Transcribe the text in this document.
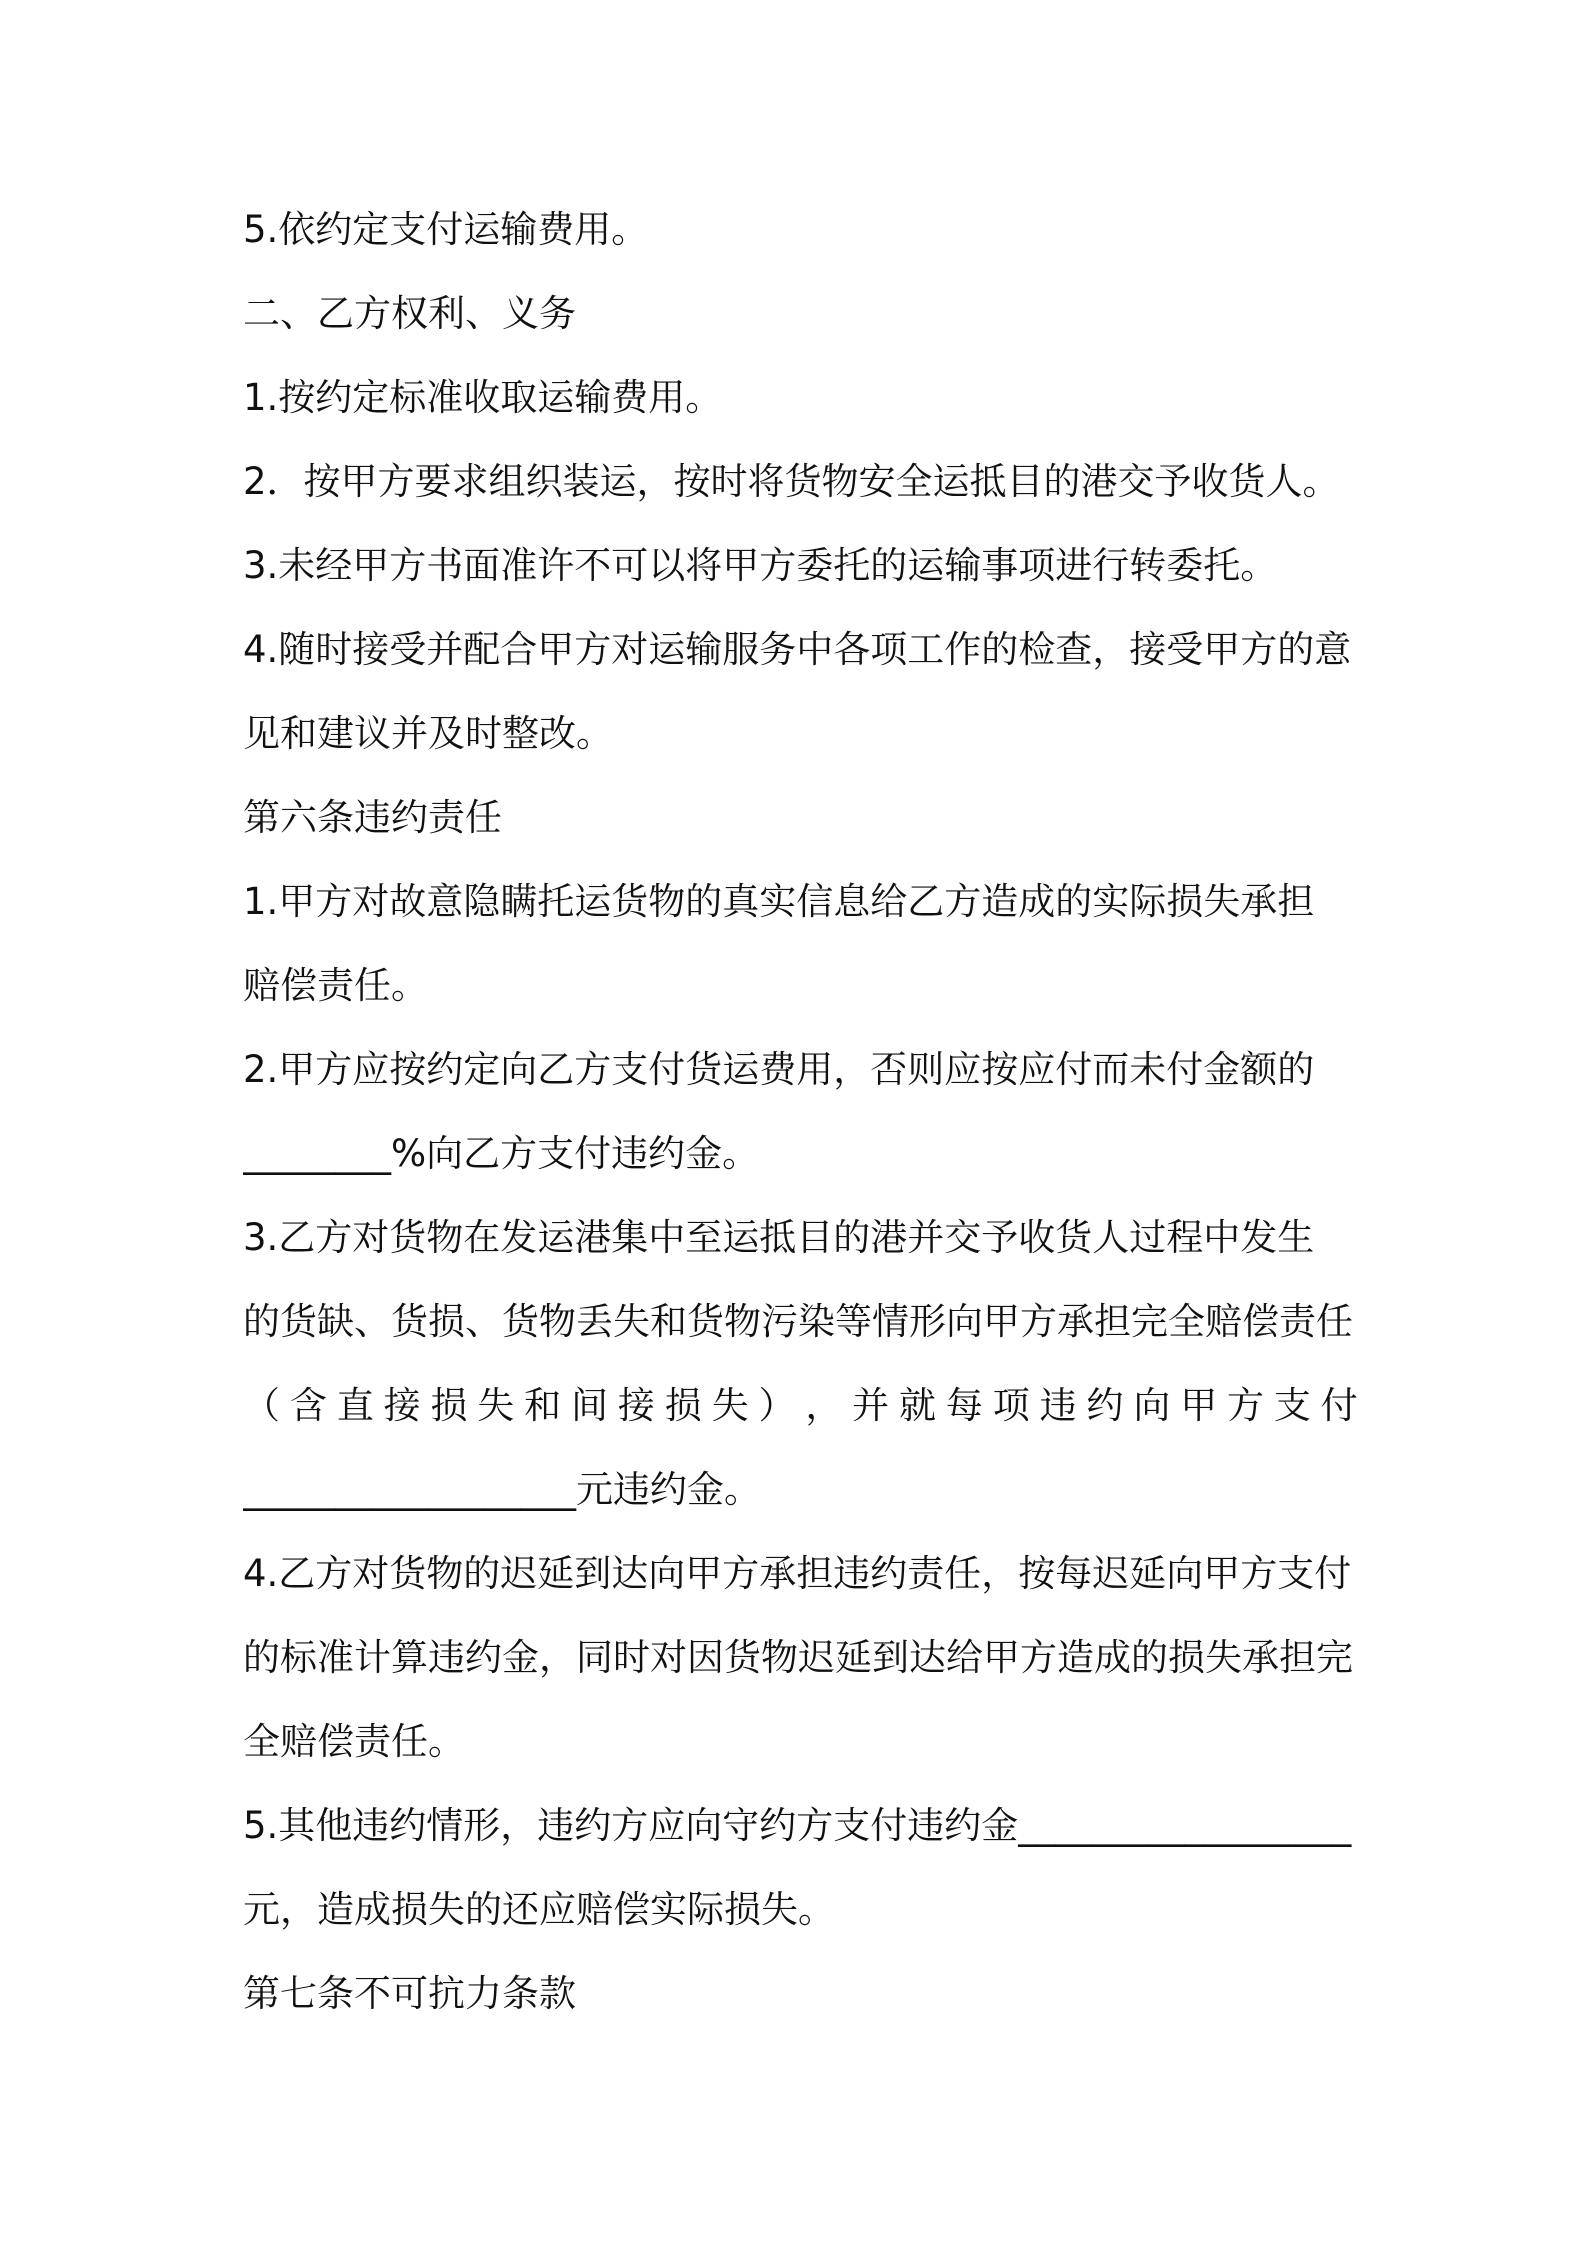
5.依约定支付运输费用。
二、乙方权利、义务
1.按约定标准收取运输费用。
2．按甲方要求组织装运，按时将货物安全运抵目的港交予收货人。
3.未经甲方书面准许不可以将甲方委托的运输事项进行转委托。
4.随时接受并配合甲方对运输服务中各项工作的检查，接受甲方的意
见和建议并及时整改。
第六条违约责任
1.甲方对故意隐瞒托运货物的真实信息给乙方造成的实际损失承担
赔偿责任。
2.甲方应按约定向乙方支付货运费用，否则应按应付而未付金额的
________%向乙方支付违约金。
3.乙方对货物在发运港集中至运抵目的港并交予收货人过程中发生
的货缺、货损、货物丢失和货物污染等情形向甲方承担完全赔偿责任
（ 含 直 接 损 失 和 间 接 损 失 ） ， 并 就 每 项 违 约 向 甲 方 支 付
__________________元违约金。
4.乙方对货物的迟延到达向甲方承担违约责任，按每迟延向甲方支付
的标准计算违约金，同时对因货物迟延到达给甲方造成的损失承担完
全赔偿责任。
5.其他违约情形，违约方应向守约方支付违约金__________________
元，造成损失的还应赔偿实际损失。
第七条不可抗力条款
